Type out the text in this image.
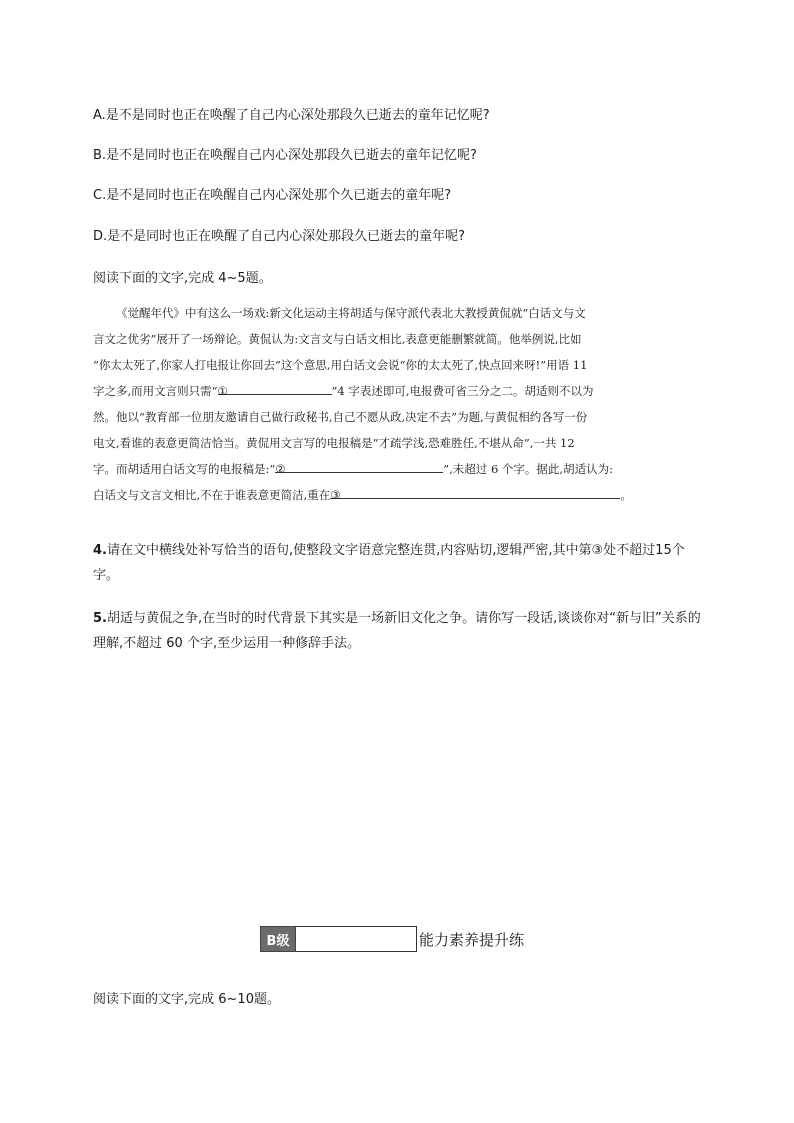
A.是不是同时也正在唤醒了自己内心深处那段久已逝去的童年记忆呢?
B.是不是同时也正在唤醒自己内心深处那段久已逝去的童年记忆呢?
C.是不是同时也正在唤醒自己内心深处那个久已逝去的童年呢?
D.是不是同时也正在唤醒了自己内心深处那段久已逝去的童年呢?
阅读下面的文字,完成 4~5题。
《觉醒年代》中有这么一场戏:新文化运动主将胡适与保守派代表北大教授黄侃就“白话文与文
言文之优劣”展开了一场辩论。黄侃认为:文言文与白话文相比,表意更能删繁就简。他举例说,比如
“你太太死了,你家人打电报让你回去”这个意思,用白话文会说“你的太太死了,快点回来呀!”用语 11
字之多,而用文言则只需“ ①	”4 字表述即可,电报费可省三分之二。胡适则不以为
然。他以“教育部一位朋友邀请自己做行政秘书,自己不愿从政,决定不去”为题,与黄侃相约各写一份
电文,看谁的表意更简洁恰当。黄侃用文言写的电报稿是“才疏学浅,恐难胜任,不堪从命”,一共 12
字。而胡适用白话文写的电报稿是:“ ②	”,未超过 6 个字。据此,胡适认为:
白话文与文言文相比,不在于谁表意更简洁,重在 ③	。
4.请在文中横线处补写恰当的语句,使整段文字语意完整连贯,内容贴切,逻辑严密,其中第③处不超过15个字。
5.胡适与黄侃之争,在当时的时代背景下其实是一场新旧文化之争。请你写一段话,谈谈你对“新与旧”关系的理解,不超过 60 个字,至少运用一种修辞手法。
B级	能力素养提升练
阅读下面的文字,完成 6~10题。
